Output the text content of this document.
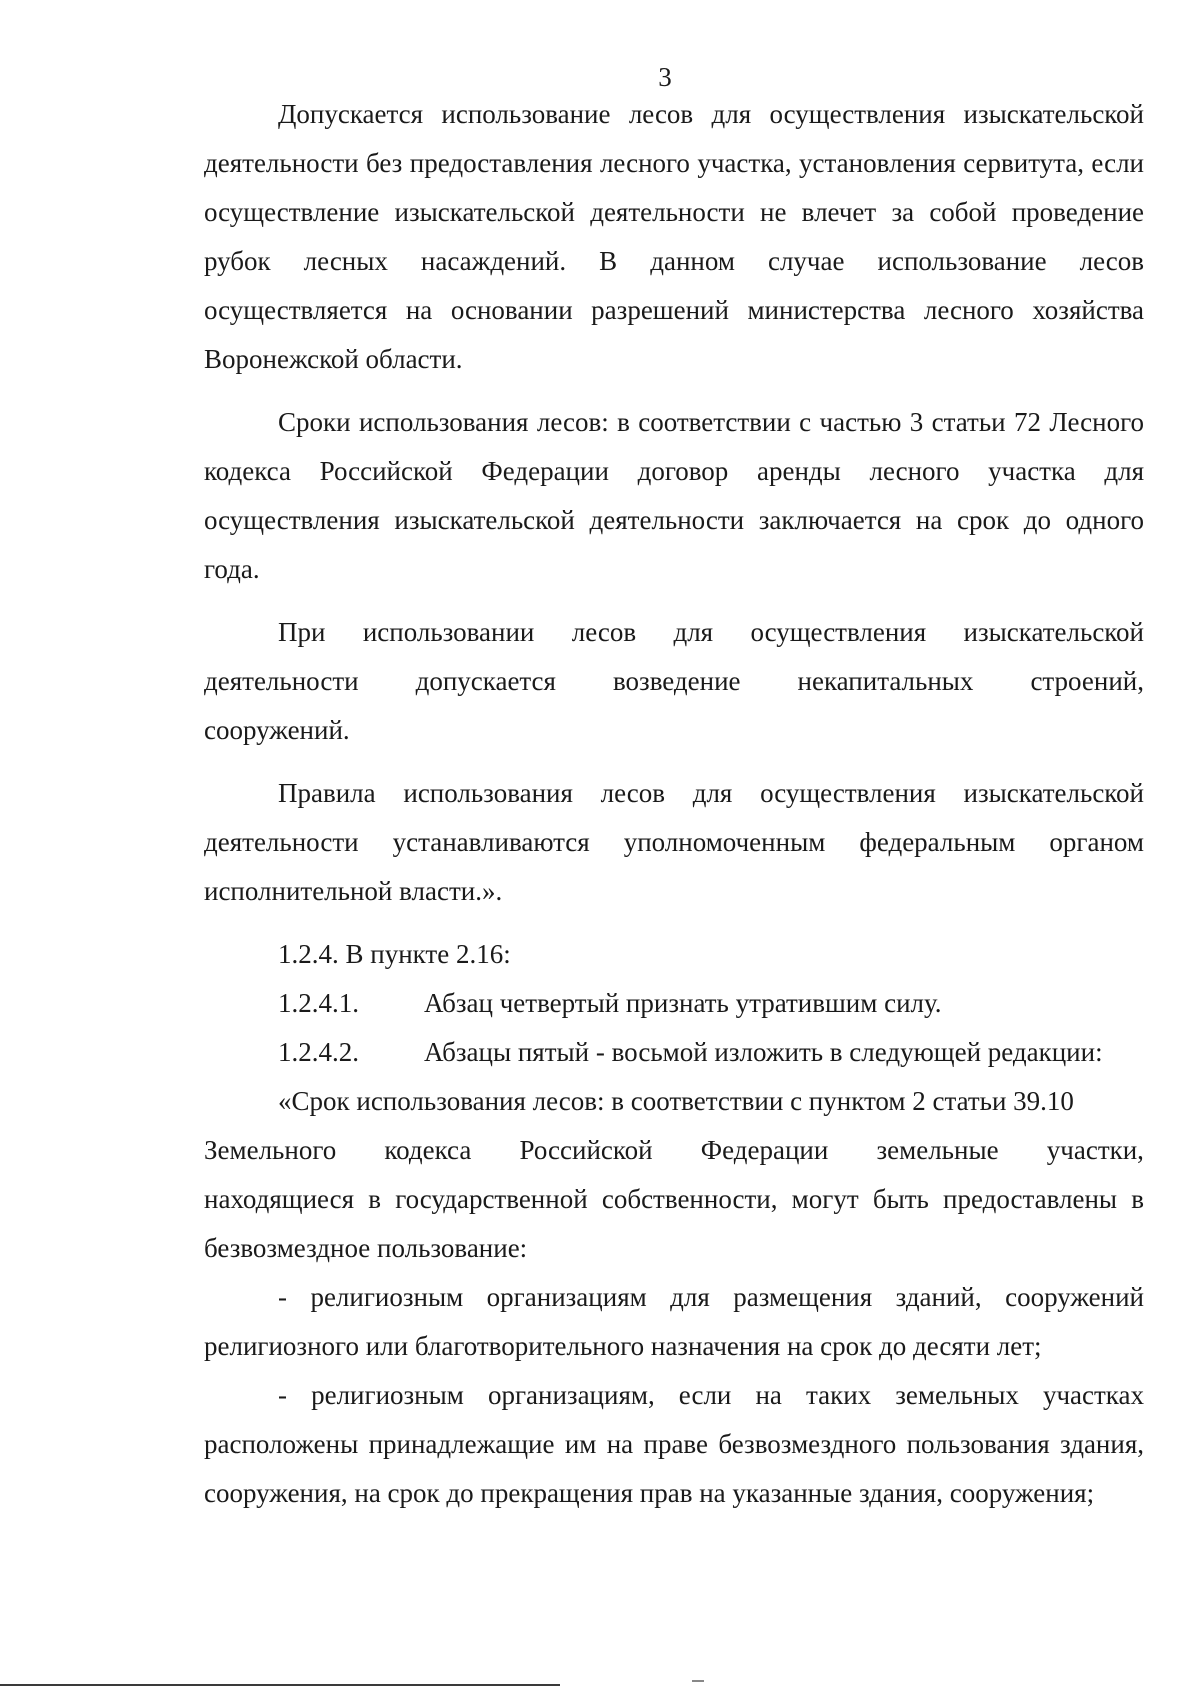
3

Допускается использование лесов для осуществления изыскательской деятельности без предоставления лесного участка, установления сервитута, если осуществление изыскательской деятельности не влечет за собой проведение рубок лесных насаждений. В данном случае использование лесов осуществляется на основании разрешений министерства лесного хозяйства Воронежской области.

Сроки использования лесов: в соответствии с частью 3 статьи 72 Лесного кодекса Российской Федерации договор аренды лесного участка для осуществления изыскательской деятельности заключается на срок до одного года.

При использовании лесов для осуществления изыскательской
деятельности допускается возведение некапитальных строений,
сооружений.

Правила использования лесов для осуществления изыскательской деятельности устанавливаются уполномоченным федеральным органом исполнительной власти.».

1.2.4. В пункте 2.16:

1.2.4.1.	Абзац четвертый признать утратившим силу.
1.2.4.2.	Абзацы пятый - восьмой изложить в следующей редакции:
«Срок использования лесов: в соответствии с пунктом 2 статьи 39.10
Земельного кодекса Российской Федерации земельные участки,

находящиеся в государственной собственности, могут быть предоставлены в безвозмездное пользование:

- религиозным организациям для размещения зданий, сооружений религиозного или благотворительного назначения на срок до десяти лет;

- религиозным организациям, если на таких земельных участках расположены принадлежащие им на праве безвозмездного пользования здания, сооружения, на срок до прекращения прав на указанные здания, сооружения;
